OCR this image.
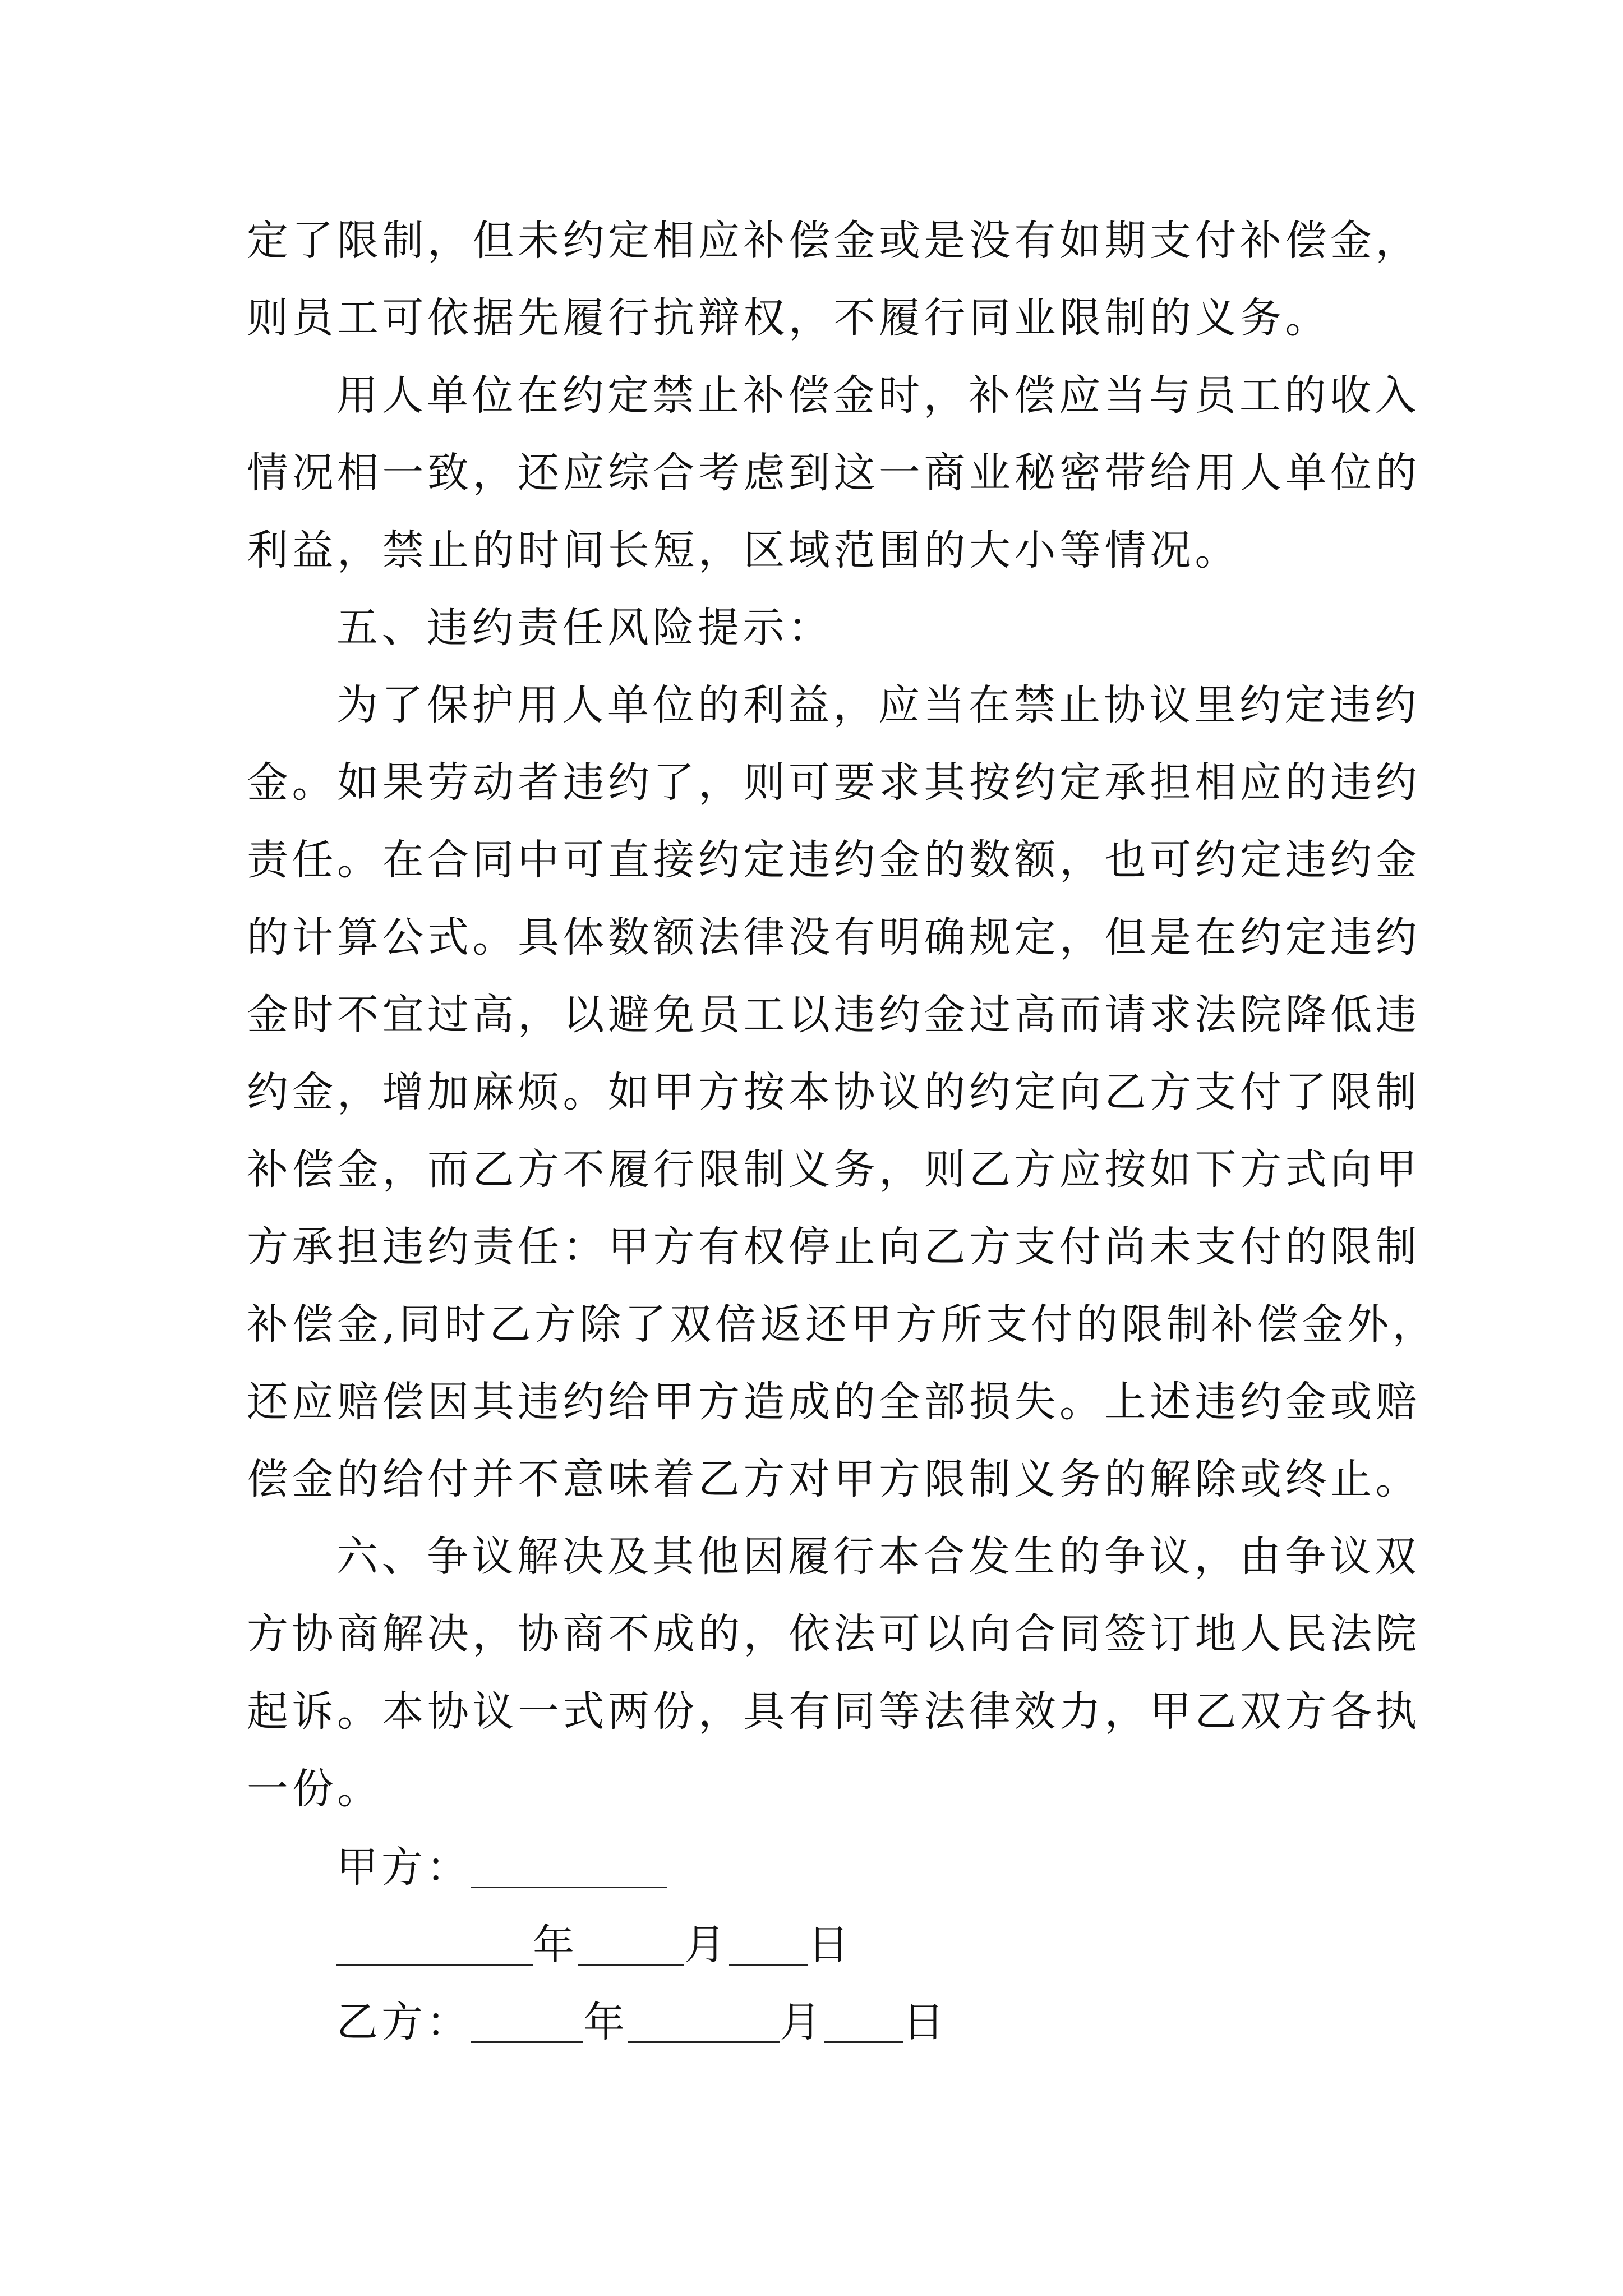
定了限制，但未约定相应补偿金或是没有如期支付补偿金，
则员工可依据先履行抗辩权，不履行同业限制的义务。
用人单位在约定禁止补偿金时，补偿应当与员工的收入
情况相一致，还应综合考虑到这一商业秘密带给用人单位的
利益，禁止的时间长短，区域范围的大小等情况。
五、违约责任风险提示：
为了保护用人单位的利益，应当在禁止协议里约定违约
金。如果劳动者违约了，则可要求其按约定承担相应的违约
责任。在合同中可直接约定违约金的数额，也可约定违约金
的计算公式。具体数额法律没有明确规定，但是在约定违约
金时不宜过高，以避免员工以违约金过高而请求法院降低违
约金，增加麻烦。如甲方按本协议的约定向乙方支付了限制
补偿金，而乙方不履行限制义务，则乙方应按如下方式向甲
方承担违约责任：甲方有权停止向乙方支付尚未支付的限制
补偿金,同时乙方除了双倍返还甲方所支付的限制补偿金外，
还应赔偿因其违约给甲方造成的全部损失。上述违约金或赔
偿金的给付并不意味着乙方对甲方限制义务的解除或终止。
六、争议解决及其他因履行本合发生的争议，由争议双
方协商解决，协商不成的，依法可以向合同签订地人民法院
起诉。本协议一式两份，具有同等法律效力，甲乙双方各执
一份。
甲方：
年	月 日
乙方：	年	月 日
